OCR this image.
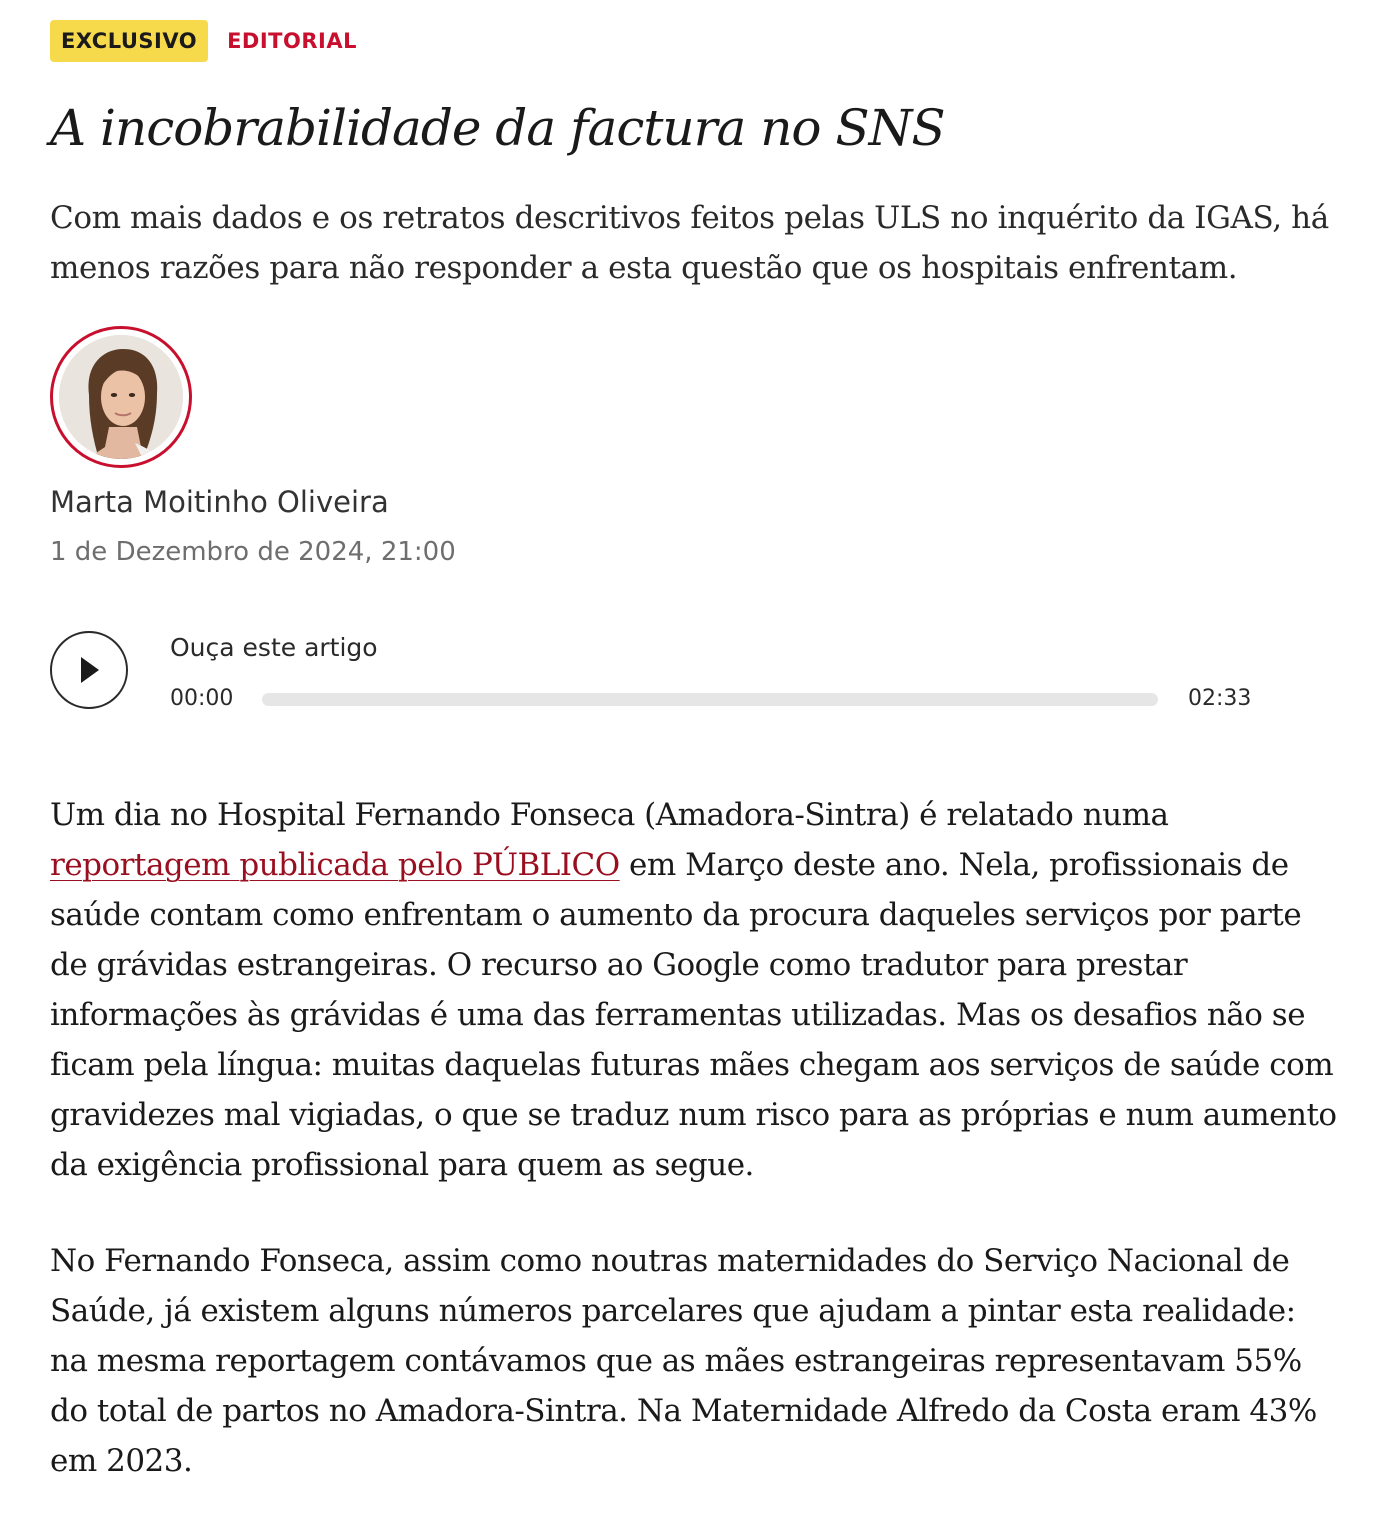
EXCLUSIVO	EDITORIAL
A incobrabilidade da factura no SNS

Com mais dados e os retratos descritivos feitos pelas ULS no inquérito da IGAS, há menos razões para não responder a esta questão que os hospitais enfrentam.

Marta Moitinho Oliveira
1 de Dezembro de 2024, 21:00
Ouça este artigo
00:00	02:33

Um dia no Hospital Fernando Fonseca (Amadora-Sintra) é relatado numa reportagem publicada pelo PÚBLICO em Março deste ano. Nela, profissionais de saúde contam como enfrentam o aumento da procura daqueles serviços por parte de grávidas estrangeiras. O recurso ao Google como tradutor para prestar informações às grávidas é uma das ferramentas utilizadas. Mas os desafios não se ficam pela língua: muitas daquelas futuras mães chegam aos serviços de saúde com gravidezes mal vigiadas, o que se traduz num risco para as próprias e num aumento da exigência profissional para quem as segue.

No Fernando Fonseca, assim como noutras maternidades do Serviço Nacional de Saúde, já existem alguns números parcelares que ajudam a pintar esta realidade: na mesma reportagem contávamos que as mães estrangeiras representavam 55% do total de partos no Amadora-Sintra. Na Maternidade Alfredo da Costa eram 43% em 2023.
